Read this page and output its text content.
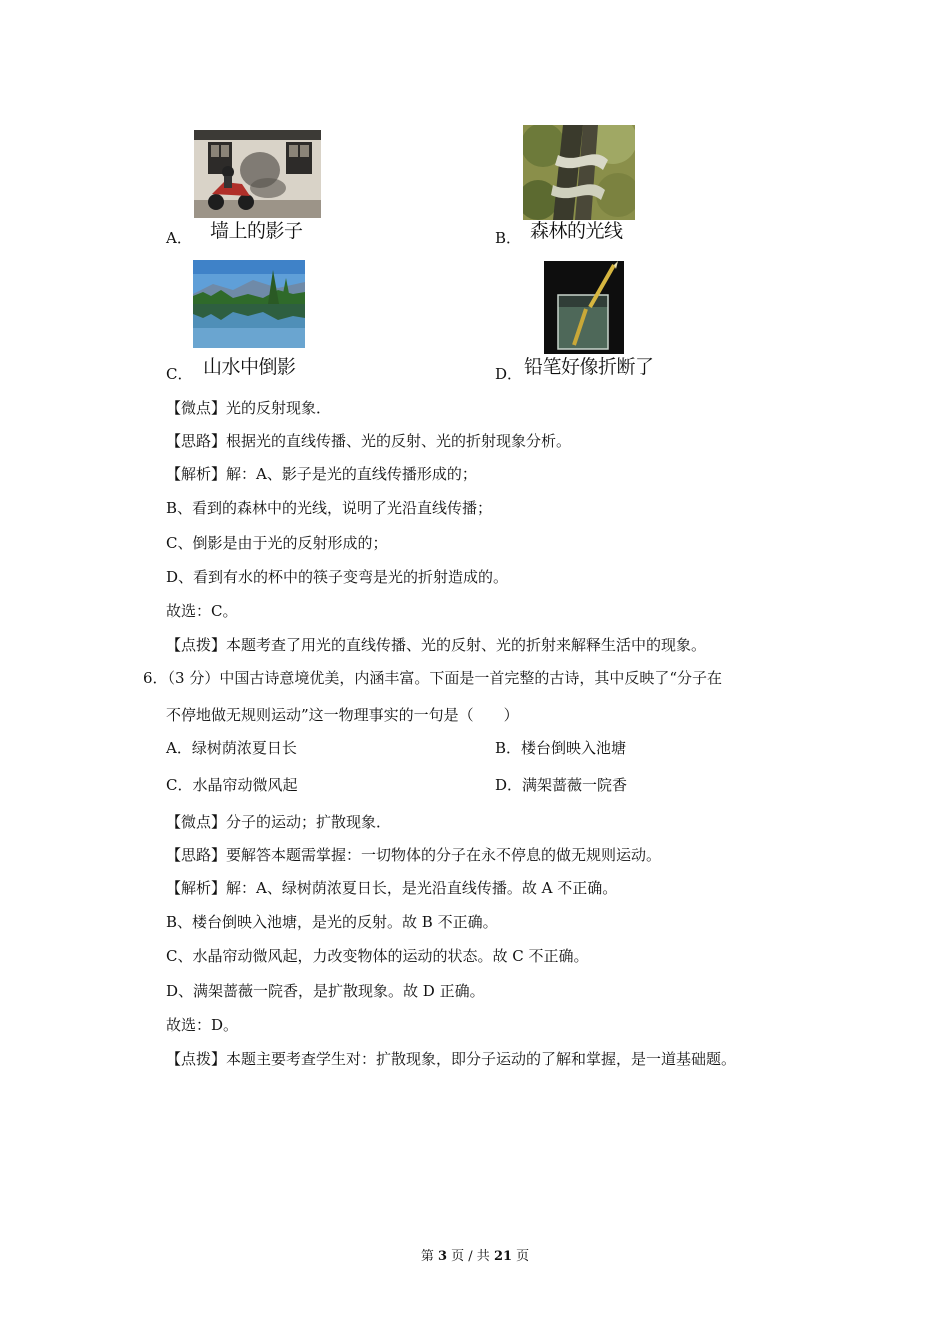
A． 墙上的影子	B． 森林的光线
C． 山水中倒影	D． 铅笔好像折断了
【微点】光的反射现象．
【思路】根据光的直线传播、光的反射、光的折射现象分析。
【解析】解：A、影子是光的直线传播形成的；
B、看到的森林中的光线，说明了光沿直线传播；
C、倒影是由于光的反射形成的；
D、看到有水的杯中的筷子变弯是光的折射造成的。
故选：C。
【点拨】本题考查了用光的直线传播、光的反射、光的折射来解释生活中的现象。
6．（3 分）中国古诗意境优美，内涵丰富。下面是一首完整的古诗，其中反映了“分子在
不停地做无规则运动”这一物理事实的一句是（　　）
A．绿树荫浓夏日长	B．楼台倒映入池塘
C．水晶帘动微风起	D．满架蔷薇一院香
【微点】分子的运动；扩散现象．
【思路】要解答本题需掌握：一切物体的分子在永不停息的做无规则运动。
【解析】解：A、绿树荫浓夏日长，是光沿直线传播。故 A 不正确。
B、楼台倒映入池塘，是光的反射。故 B 不正确。
C、水晶帘动微风起，力改变物体的运动的状态。故 C 不正确。
D、满架蔷薇一院香，是扩散现象。故 D 正确。
故选：D。
【点拨】本题主要考查学生对：扩散现象，即分子运动的了解和掌握，是一道基础题。
第 3 页 / 共 21 页
